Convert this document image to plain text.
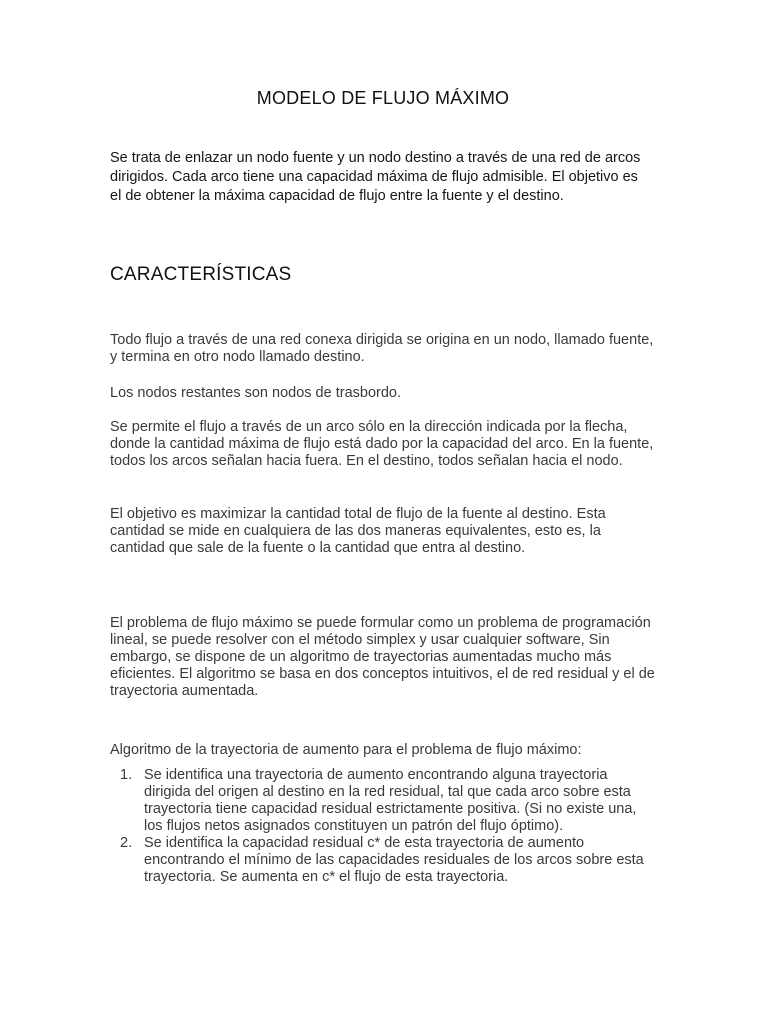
MODELO DE FLUJO MÁXIMO

Se trata de enlazar un nodo fuente y un nodo destino a través de una red de arcos dirigidos. Cada arco tiene una capacidad máxima de flujo admisible. El objetivo es el de obtener la máxima capacidad de flujo entre la fuente y el destino.

CARACTERÍSTICAS

Todo flujo a través de una red conexa dirigida se origina en un nodo, llamado fuente, y termina en otro nodo llamado destino.

Los nodos restantes son nodos de trasbordo.

Se permite el flujo a través de un arco sólo en la dirección indicada por la flecha, donde la cantidad máxima de flujo está dado por la capacidad del arco. En la fuente, todos los arcos señalan hacia fuera. En el destino, todos señalan hacia el nodo.

El objetivo es maximizar la cantidad total de flujo de la fuente al destino. Esta cantidad se mide en cualquiera de las dos maneras equivalentes, esto es, la cantidad que sale de la fuente o la cantidad que entra al destino.

El problema de flujo máximo se puede formular como un problema de programación lineal, se puede resolver con el método simplex y usar cualquier software, Sin embargo, se dispone de un algoritmo de trayectorias aumentadas mucho más eficientes. El algoritmo se basa en dos conceptos intuitivos, el de red residual y el de trayectoria aumentada.

Algoritmo de la trayectoria de aumento para el problema de flujo máximo:

1. Se identifica una trayectoria de aumento encontrando alguna trayectoria dirigida del origen al destino en la red residual, tal que cada arco sobre esta trayectoria tiene capacidad residual estrictamente positiva. (Si no existe una, los flujos netos asignados constituyen un patrón del flujo óptimo).
2. Se identifica la capacidad residual c* de esta trayectoria de aumento encontrando el mínimo de las capacidades residuales de los arcos sobre esta trayectoria. Se aumenta en c* el flujo de esta trayectoria.
